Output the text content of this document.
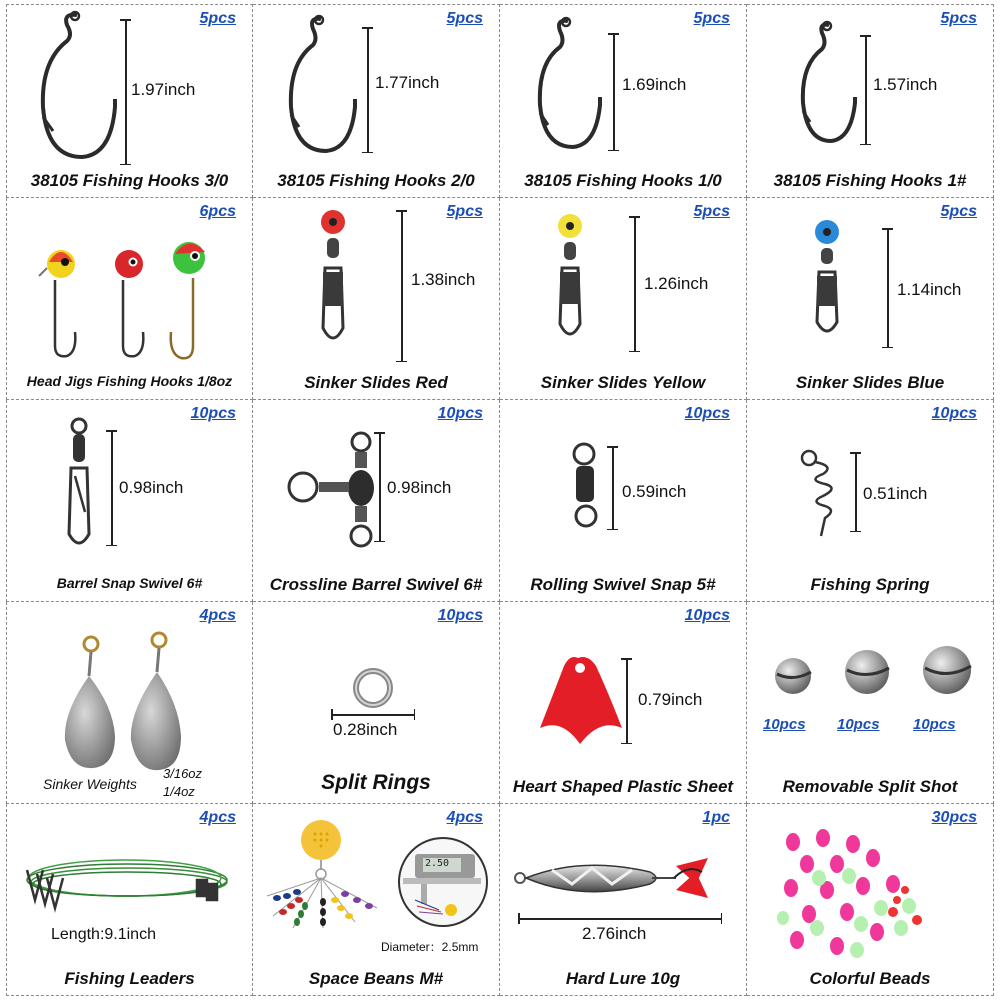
1.97inch
5pcs
38105 Fishing Hooks 3/0
1.77inch
5pcs
38105 Fishing Hooks 2/0
1.69inch
5pcs
38105 Fishing Hooks 1/0
1.57inch
5pcs
38105 Fishing Hooks 1#
6pcs
Head Jigs Fishing Hooks 1/8oz
1.38inch
5pcs
Sinker Slides Red
1.26inch
5pcs
Sinker Slides Yellow
1.14inch
5pcs
Sinker Slides Blue
0.98inch
10pcs
Barrel Snap Swivel 6#
0.98inch
10pcs
Crossline Barrel Swivel 6#
0.59inch
10pcs
Rolling Swivel Snap 5#
0.51inch
10pcs
Fishing Spring
4pcs
Sinker Weights
3/16oz
1/4oz
0.28inch
10pcs
Split Rings
0.79inch
10pcs
Heart Shaped Plastic Sheet
10pcs 10pcs 10pcs
Removable Split Shot
Length:9.1inch
4pcs
Fishing Leaders
2.50
Diameter：2.5mm
4pcs
Space Beans M#
2.76inch
1pc
Hard Lure 10g
30pcs
Colorful Beads
